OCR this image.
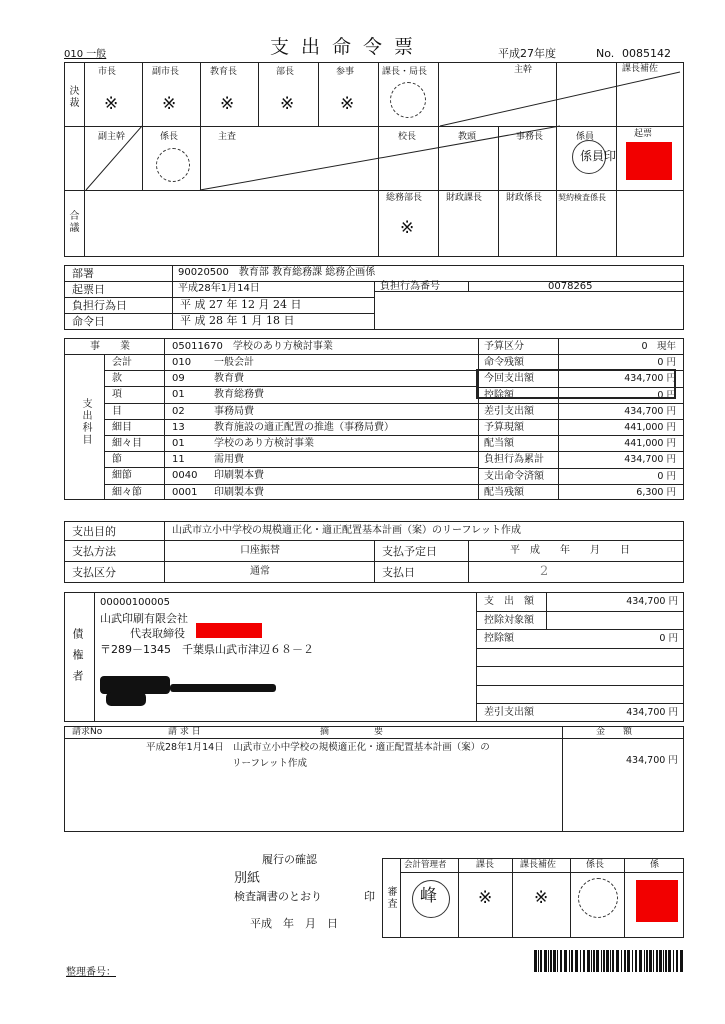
010 一般	支出命令票	平成27年度	No. 0085142
決裁
合議
市長	副市長	教育長	部長	参事	課長・局長	主幹	課長補佐
※	※	※	※	※
副主幹	係長	主査	校長	教頭	事務長	係員	起票
係員印
総務部長	財政課長	財政係長 契約検査係長
※
部署	90020500　教育部 教育総務課 総務企画係
起票日	平成28年1月14日	負担行為番号	0078265
負担行為日	平 成 27 年 12 月 24 日
命令日	平 成 28 年 1 月 18 日
事　　業	05011670　学校のあり方検討事業
支出科目
会計	010 一般会計
款	09	教育費
項	01	教育総務費
目	02	事務局費
細目	13	教育施設の適正配置の推進（事務局費）
細々目	01	学校のあり方検討事業
節	11	需用費
細節	0040 印刷製本費
細々節	0001 印刷製本費
予算区分	0　現年
命令残額	0 円
今回支出額	434,700 円
控除額	0 円
差引支出額	434,700 円
予算現額	441,000 円
配当額	441,000 円
負担行為累計	434,700 円
支出命令済額	0 円
配当残額	6,300 円
支出目的	山武市立小中学校の規模適正化・適正配置基本計画（案）のリーフレット作成
支払方法	口座振替	支払予定日	平　成　　年　　月　　日
支払区分	通常	支払日	2
債権者
00000100005
山武印刷有限会社
代表取締役
〒289－1345　千葉県山武市津辺６８－２
支　出　額	434,700 円
控除対象額
控除額	0 円
差引支出額	434,700 円
請求No	請 求 日	摘　　　　　要	金　　額
平成28年1月14日　山武市立小中学校の規模適正化・適正配置基本計画（案）の
リーフレット作成	434,700 円
履行の確認
別紙
検査調書のとおり	印
平成　年　月　日
審査
会計管理者	課長	課長補佐	係長	係
峰 ※ ※
整理番号：
